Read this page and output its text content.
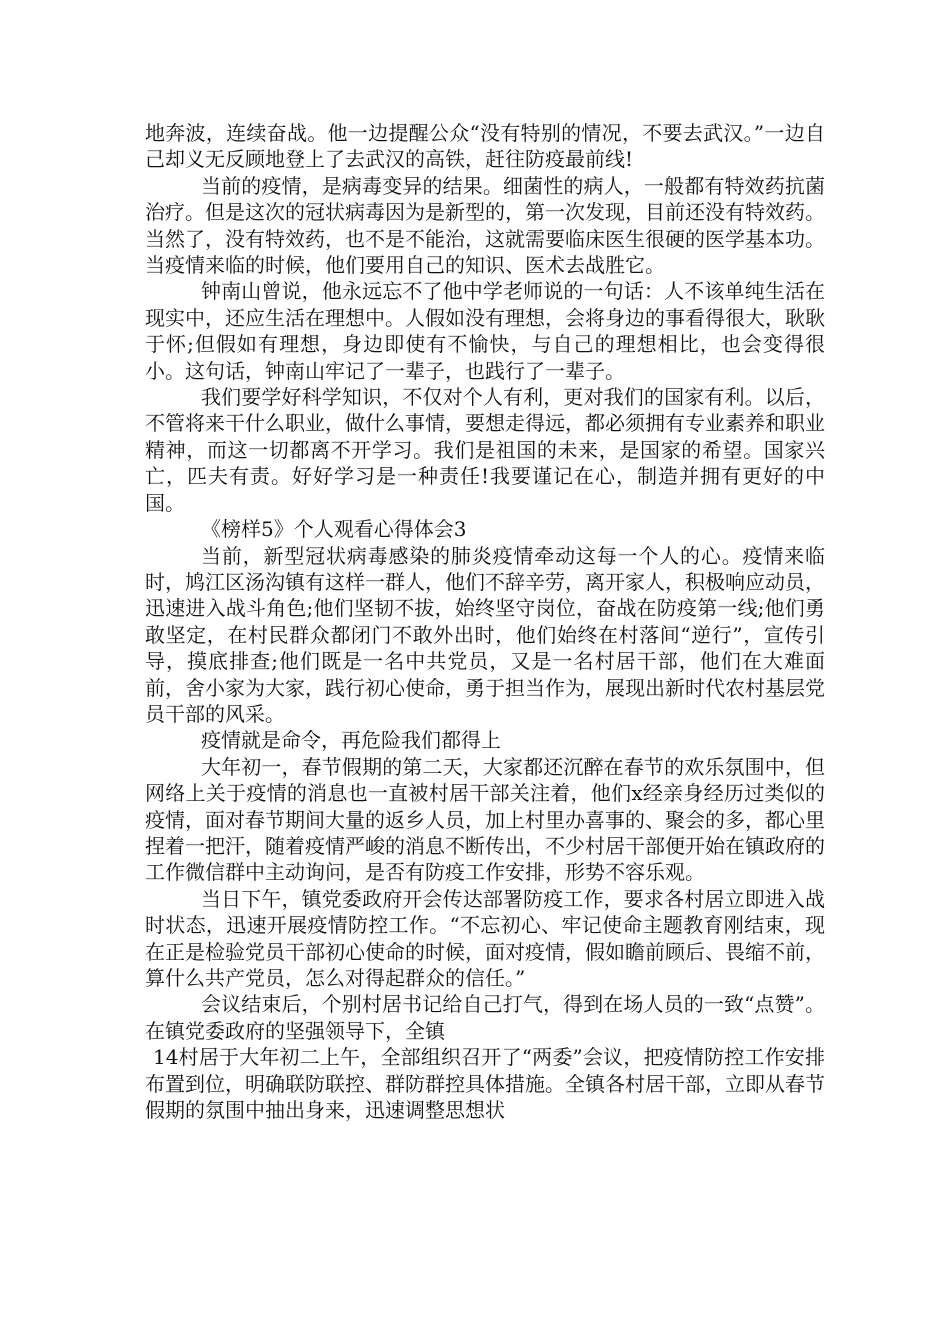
地奔波，连续奋战。他一边提醒公众“没有特别的情况，不要去武汉。”一边自己却义无反顾地登上了去武汉的高铁，赶往防疫最前线!

当前的疫情，是病毒变异的结果。细菌性的病人，一般都有特效药抗菌治疗。但是这次的冠状病毒因为是新型的，第一次发现，目前还没有特效药。当然了，没有特效药，也不是不能治，这就需要临床医生很硬的医学基本功。当疫情来临的时候，他们要用自己的知识、医术去战胜它。

钟南山曾说，他永远忘不了他中学老师说的一句话：人不该单纯生活在现实中，还应生活在理想中。人假如没有理想，会将身边的事看得很大，耿耿于怀;但假如有理想，身边即使有不愉快，与自己的理想相比，也会变得很小。这句话，钟南山牢记了一辈子，也践行了一辈子。

我们要学好科学知识，不仅对个人有利，更对我们的国家有利。以后，不管将来干什么职业，做什么事情，要想走得远，都必须拥有专业素养和职业精神，而这一切都离不开学习。我们是祖国的未来，是国家的希望。国家兴亡，匹夫有责。好好学习是一种责任!我要谨记在心，制造并拥有更好的中国。

《榜样5》个人观看心得体会3

当前，新型冠状病毒感染的肺炎疫情牵动这每一个人的心。疫情来临时，鸠江区汤沟镇有这样一群人，他们不辞辛劳，离开家人，积极响应动员，迅速进入战斗角色;他们坚韧不拔，始终坚守岗位，奋战在防疫第一线;他们勇敢坚定，在村民群众都闭门不敢外出时，他们始终在村落间“逆行”，宣传引导，摸底排查;他们既是一名中共党员，又是一名村居干部，他们在大难面前，舍小家为大家，践行初心使命，勇于担当作为，展现出新时代农村基层党员干部的风采。

疫情就是命令，再危险我们都得上

大年初一，春节假期的第二天，大家都还沉醉在春节的欢乐氛围中，但网络上关于疫情的消息也一直被村居干部关注着，他们x经亲身经历过类似的疫情，面对春节期间大量的返乡人员，加上村里办喜事的、聚会的多，都心里捏着一把汗，随着疫情严峻的消息不断传出，不少村居干部便开始在镇政府的工作微信群中主动询问，是否有防疫工作安排，形势不容乐观。

当日下午，镇党委政府开会传达部署防疫工作，要求各村居立即进入战时状态，迅速开展疫情防控工作。“不忘初心、牢记使命主题教育刚结束，现在正是检验党员干部初心使命的时候，面对疫情，假如瞻前顾后、畏缩不前，算什么共产党员，怎么对得起群众的信任。”

会议结束后，个别村居书记给自己打气，得到在场人员的一致“点赞”。在镇党委政府的坚强领导下，全镇

14村居于大年初二上午，全部组织召开了“两委”会议，把疫情防控工作安排布置到位，明确联防联控、群防群控具体措施。全镇各村居干部，立即从春节假期的氛围中抽出身来，迅速调整思想状
